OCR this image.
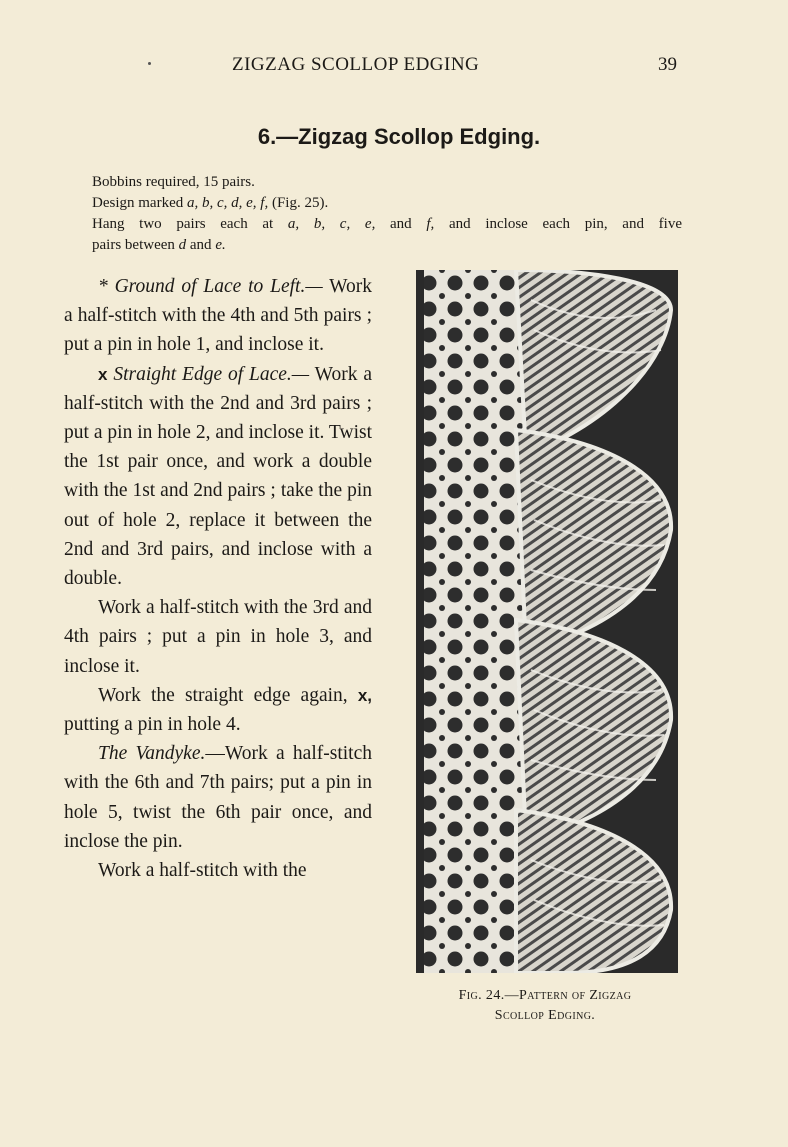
ZIGZAG SCOLLOP EDGING	39
6.—Zigzag Scollop Edging.
Bobbins required, 15 pairs.
Design marked a, b, c, d, e, f, (Fig. 25).
Hang two pairs each at a, b, c, e, and f, and inclose each pin, and five
pairs between d and e.

* Ground of Lace to Left.— Work a half-stitch with the 4th and 5th pairs ; put a pin in hole 1, and inclose it.

x Straight Edge of Lace.— Work a half-stitch with the 2nd and 3rd pairs ; put a pin in hole 2, and inclose it. Twist the 1st pair once, and work a double with the 1st and 2nd pairs ; take the pin out of hole 2, replace it between the 2nd and 3rd pairs, and inclose with a double.

Work a half-stitch with the 3rd and 4th pairs ; put a pin in hole 3, and inclose it.

Work the straight edge again, x, putting a pin in hole 4.

The Vandyke.—Work a half-stitch with the 6th and 7th pairs; put a pin in hole 5, twist the 6th pair once, and inclose the pin.

Work a half-stitch with the

Fig. 24.—Pattern of Zigzag
Scollop Edging.
